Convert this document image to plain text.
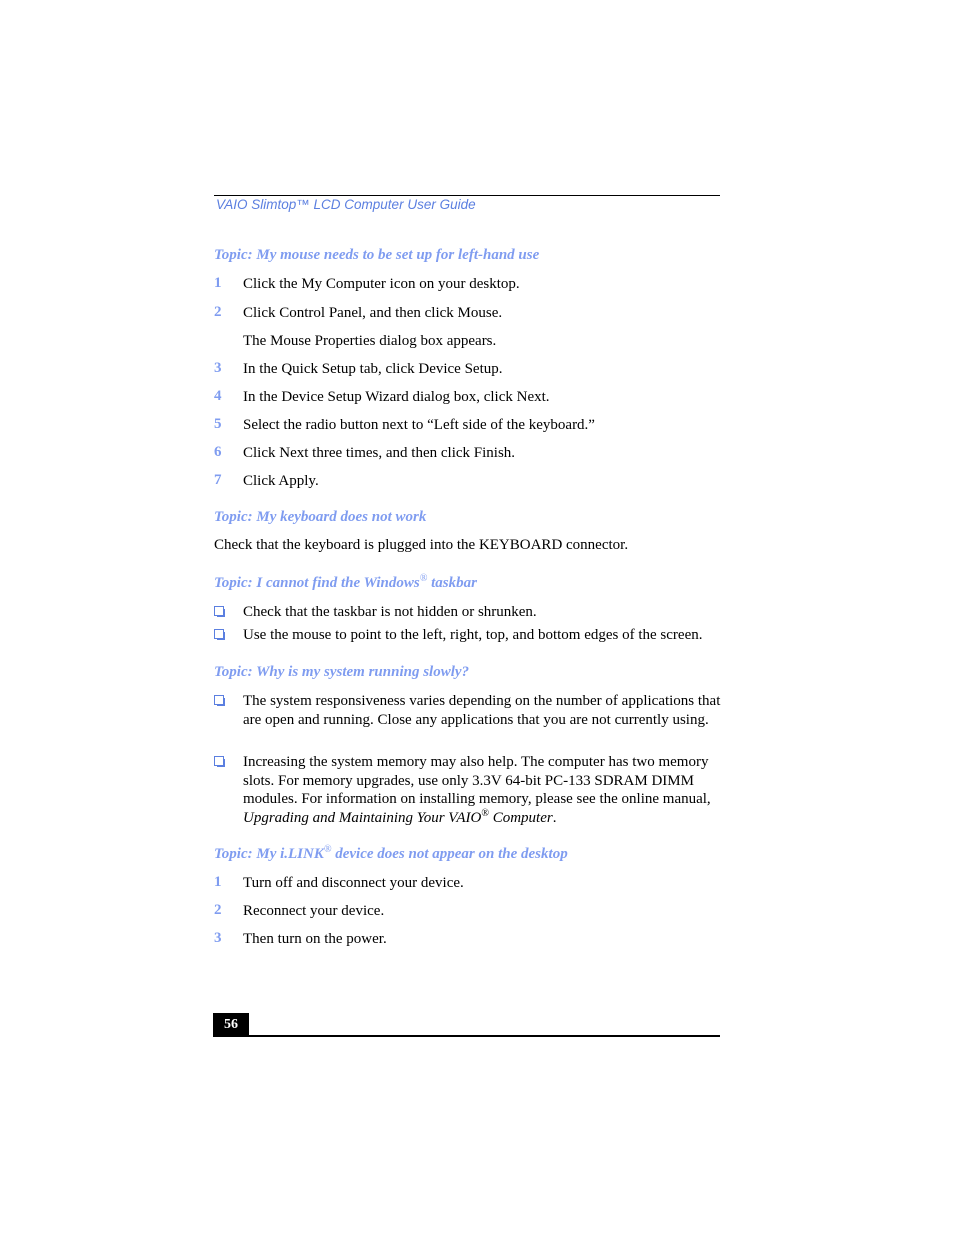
VAIO Slimtop™ LCD Computer User Guide
Topic: My mouse needs to be set up for left-hand use
1 Click the My Computer icon on your desktop.
2 Click Control Panel, and then click Mouse.
The Mouse Properties dialog box appears.
3 In the Quick Setup tab, click Device Setup.
4 In the Device Setup Wizard dialog box, click Next.
5 Select the radio button next to “Left side of the keyboard.”
6 Click Next three times, and then click Finish.
7 Click Apply.
Topic: My keyboard does not work
Check that the keyboard is plugged into the KEYBOARD connector.
Topic: I cannot find the Windows® taskbar
Check that the taskbar is not hidden or shrunken.
Use the mouse to point to the left, right, top, and bottom edges of the screen.
Topic: Why is my system running slowly?
The system responsiveness varies depending on the number of applications that are open and running. Close any applications that you are not currently using.
Increasing the system memory may also help. The computer has two memory slots. For memory upgrades, use only 3.3V 64-bit PC-133 SDRAM DIMM modules. For information on installing memory, please see the online manual, Upgrading and Maintaining Your VAIO® Computer.
Topic: My i.LINK® device does not appear on the desktop
1 Turn off and disconnect your device.
2 Reconnect your device.
3 Then turn on the power.
56
